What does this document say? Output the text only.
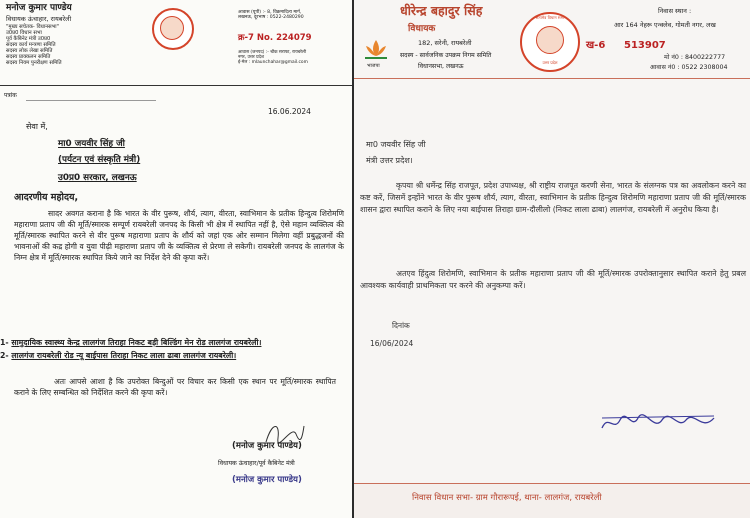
मनोज कुमार पाण्डेय
विधायक ऊंचाहार, रायबरेली
"मुख्य सचेतक- विधानसभा"
उ0प्र0 विधान सभा
पूर्व कैबिनेट मंत्री उ0प्र0
सदस्य कार्य मन्त्रणा समिति
सदस्य लोक लेखा समिति
सदस्य प्राक्कलन समिति
सदस्य नियम पुनरीक्षण समिति
आवास (यूपी) :- 8, विक्रमादित्य मार्ग,
लखनऊ, दूरभाष : 0522-2480290
क्र-7 No. 224079
आवास (जनपद) :- चौक सराफा, रायबरेली
नगर, उत्तर प्रदेश
ई-मेल : mlaunchahar@gmail.com
पत्रांक
16.06.2024
सेवा में,
मा0 जयवीर सिंह जी
(पर्यटन एवं संस्कृति मंत्री)
उ0प्र0 सरकार, लखनऊ
आदरणीय महोदय,
सादर अवगत कराना है कि भारत के वीर पुरूष, शौर्य, त्याग, वीरता, स्वाभिमान के प्रतीक हिन्दुत्व शिरोमणि महाराणा प्रताप जी की मूर्ति/स्मारक सम्पूर्ण रायबरेली जनपद के किसी भी क्षेत्र में स्थापित नहीं है, ऐसे महान व्यक्तित्व की मूर्ति/स्मारक स्थापित करने से वीर पुरूष महाराणा प्रताप के शौर्य को जहां एक ओर सम्मान मिलेगा वहीं प्रबुद्धजनों की भावनाओं की कद्र होगी व युवा पीढ़ी महाराणा प्रताप जी के व्यक्तित्व से प्रेरणा ले सकेगी। रायबरेली जनपद के लालगंज के निम्न क्षेत्र में मूर्ति/स्मारक स्थापित किये जाने का निर्देश देने की कृपा करें।
1- सामुदायिक स्वास्थ्य केन्द्र लालगंज तिराहा निकट बड़ी बिल्डिंग मेन रोड लालगंज रायबरेली।
2- लालगंज रायबरेली रोड न्यू बाईपास तिराहा निकट लाला ढाबा लालगंज रायबरेली।
अतः आपसे आशा है कि उपरोक्त बिन्दुओं पर विचार कर किसी एक स्थान पर मूर्ति/स्मारक स्थापित कराने के लिए सम्बन्धित को निर्देशित करने की कृपा करें।
(मनोज कुमार पाण्डेय)
विधायक ऊंचाहार/पूर्व कैबिनेट मंत्री
(मनोज कुमार पाण्डेय)
भाजपा
धीरेन्द्र बहादुर सिंह
विधायक
182, सरेनी, रायबरेली
सदस्य - सार्वजनिक उपक्रम निगम समिति
विधानसभा, लखनऊ
सत्यमेव विधान सभा
उत्तर प्रदेश
निवास स्थान :
आर 164 नेहरू एन्क्लेव, गोमती नगर, लख
ख-6 513907
मो नं0 : 8400222777
आवास नं0 : 0522 2308004
मा0 जयवीर सिंह जी
मंत्री उत्तर प्रदेश।
कृपया श्री धर्मेन्द्र सिंह राजपूत, प्रदेश उपाध्यक्ष, श्री राष्ट्रीय राजपूत करणी सेना, भारत के संलग्नक पत्र का अवलोकन करने का कष्ट करें, जिसमें इन्होंने भारत के वीर पुरूष शौर्य, त्याग, वीरता, स्वाभिमान के प्रतीक हिन्दुत्व शिरोमणि महाराणा प्रताप जी की मूर्ति/स्मारक शासन द्वारा स्थापित कराने के लिए नया बाईपास तिराहा ग्राम-दौलीलो (निकट लाला ढाबा) लालगंज, रायबरेली में अनुरोध किया है।
अतएव हिंदुत्व शिरोमणि, स्वाभिमान के प्रतीक महाराणा प्रताप जी की मूर्ति/स्मारक उपरोक्तानुसार स्थापित कराने हेतु प्रबल आवश्यक कार्यवाही प्राथमिकता पर करने की अनुकम्पा करें।
दिनांक
16/06/2024
निवास विधान सभा- ग्राम गौरारूपई, थाना- लालगंज, रायबरेली
